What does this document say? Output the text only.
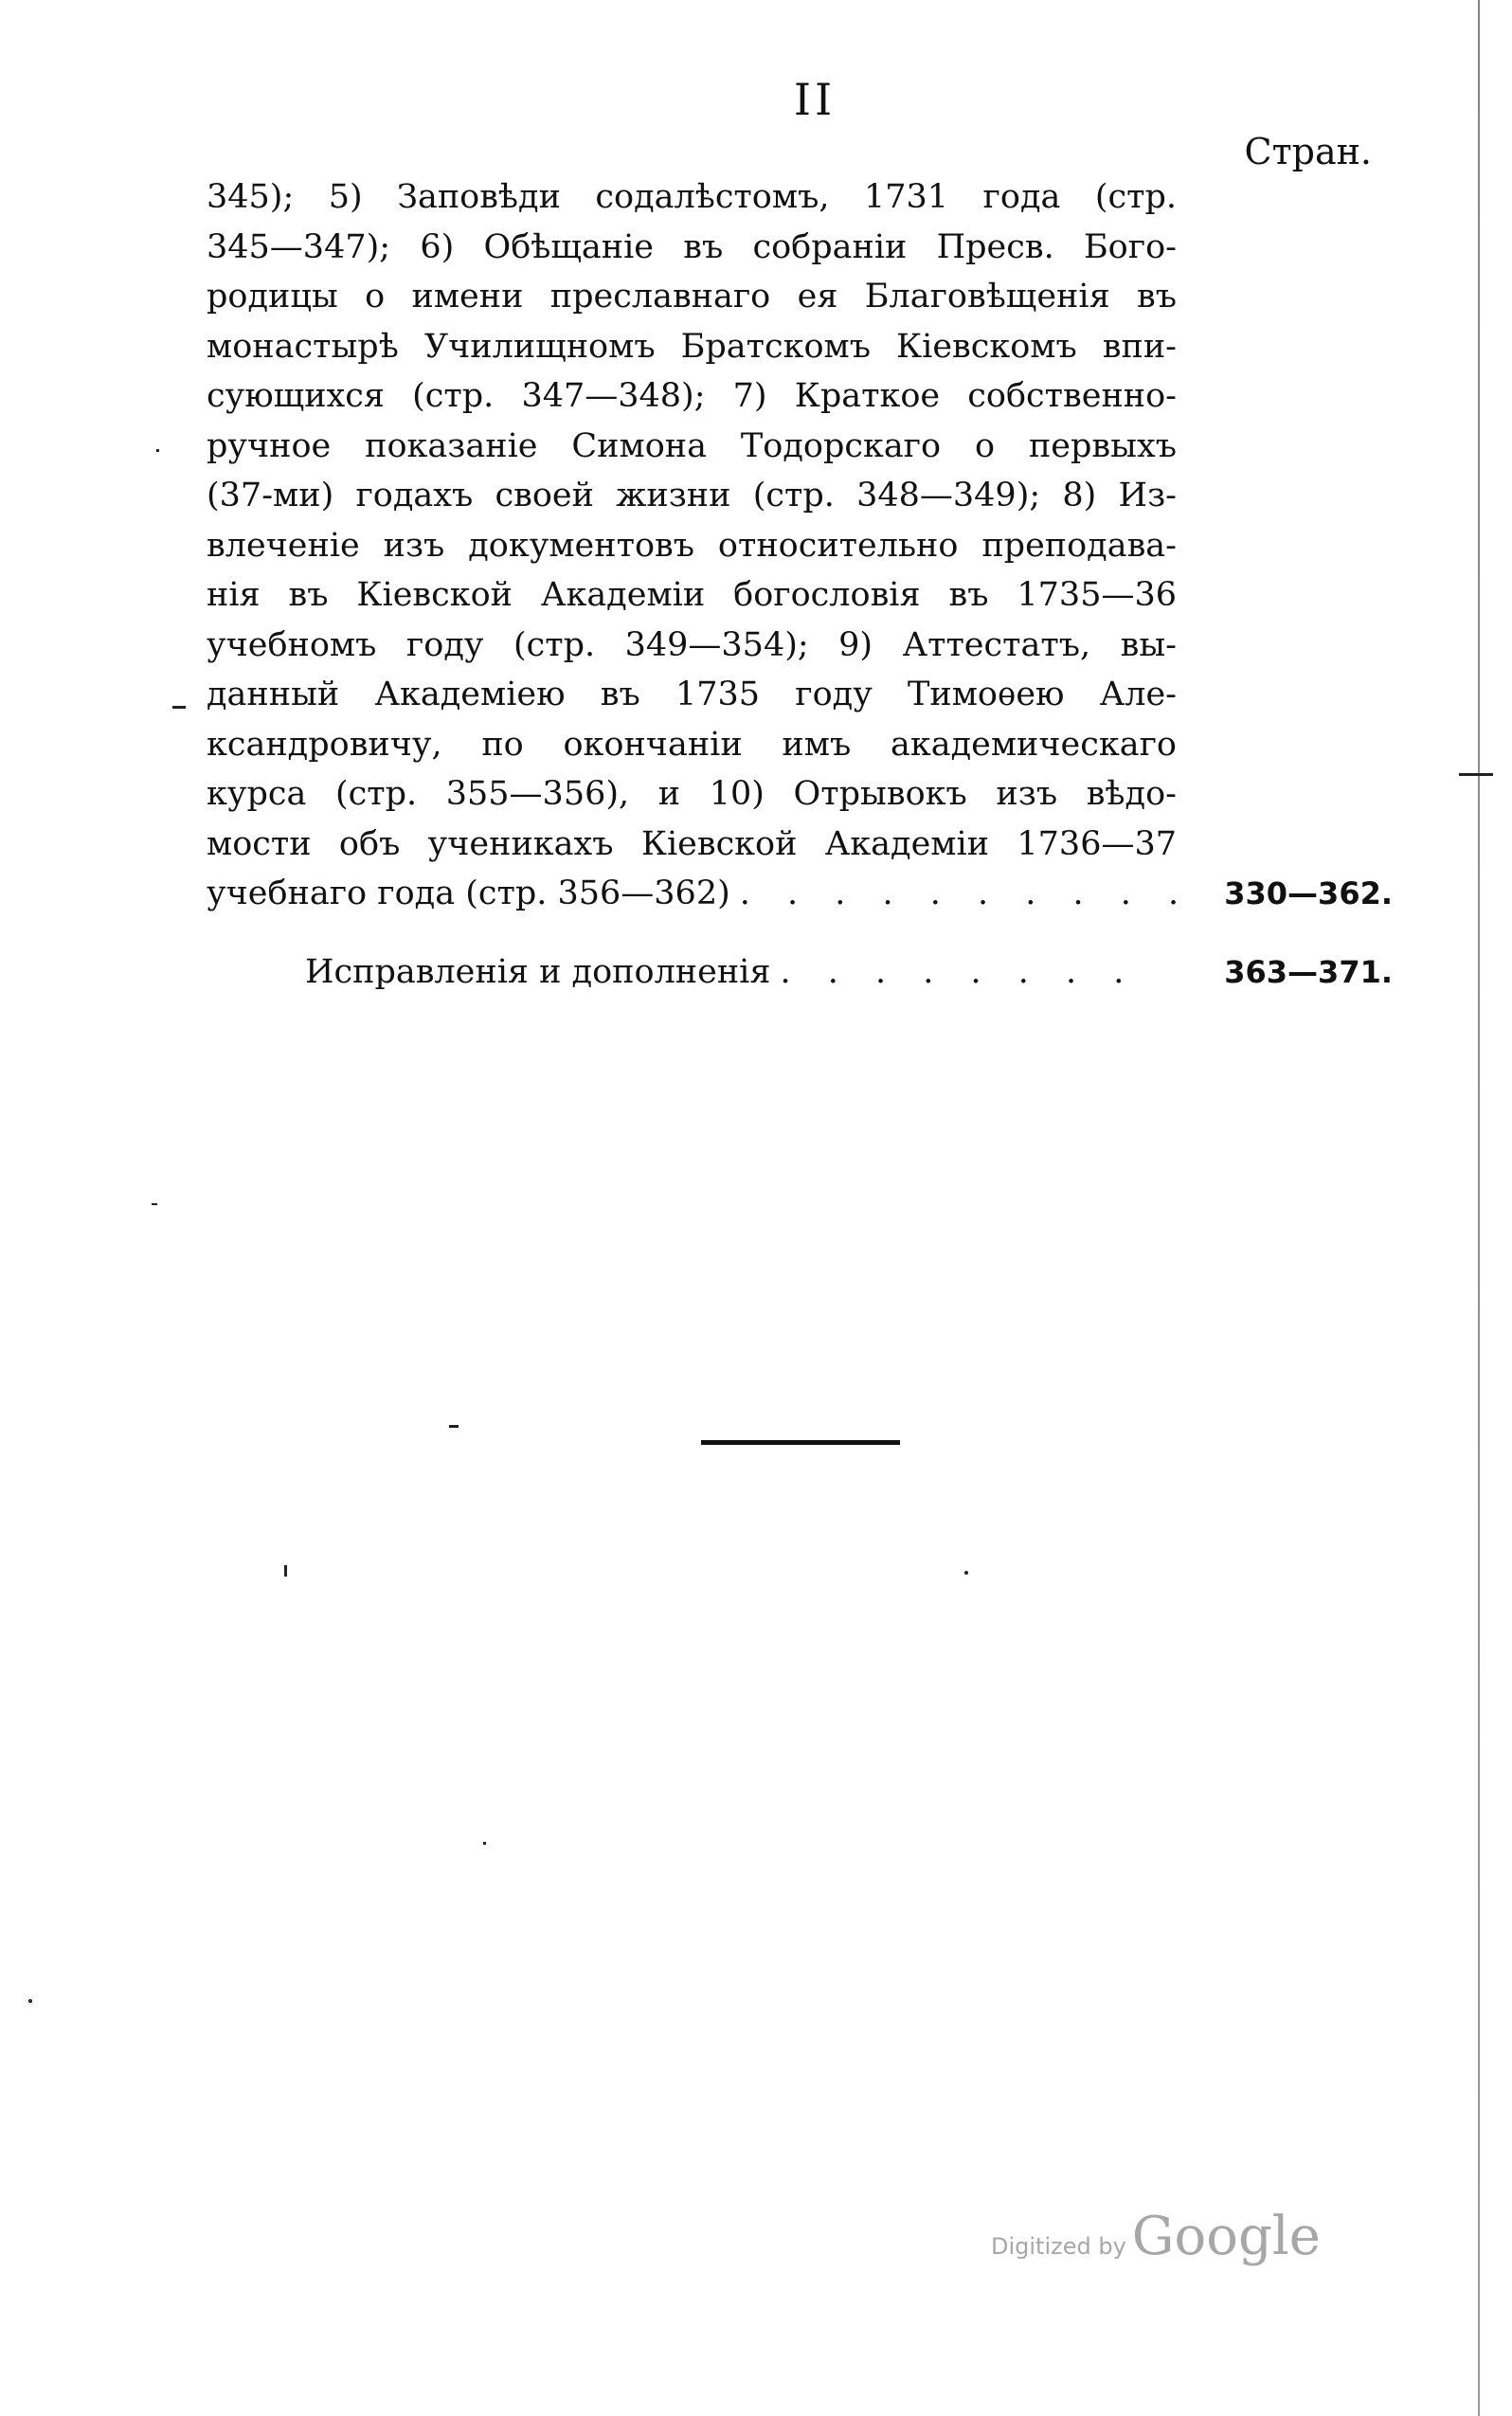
II
Стран.
345); 5) Заповѣди содалѣстомъ, 1731 года (стр.
345—347); 6) Обѣщаніе въ собраніи Пресв. Бого-
родицы о имени преславнаго ея Благовѣщенія въ
монастырѣ Училищномъ Братскомъ Кіевскомъ впи-
сующихся (стр. 347—348); 7) Краткое собственно-
ручное показаніе Симона Тодорскаго о первыхъ
(37-ми) годахъ своей жизни (стр. 348—349); 8) Из-
влеченіе изъ документовъ относительно преподава-
нія въ Кіевской Академіи богословія въ 1735—36
учебномъ году (стр. 349—354); 9) Аттестатъ, вы-
данный Академіею въ 1735 году Тимоѳею Але-
ксандровичу, по окончаніи имъ академическаго
курса (стр. 355—356), и 10) Отрывокъ изъ вѣдо-
мости объ ученикахъ Кіевской Академіи 1736—37
учебнаго года (стр. 356—362) . . . . . . . . . .	330—362.
Исправленія и дополненія . . . . . . . .	363—371.
Digitized by Google
